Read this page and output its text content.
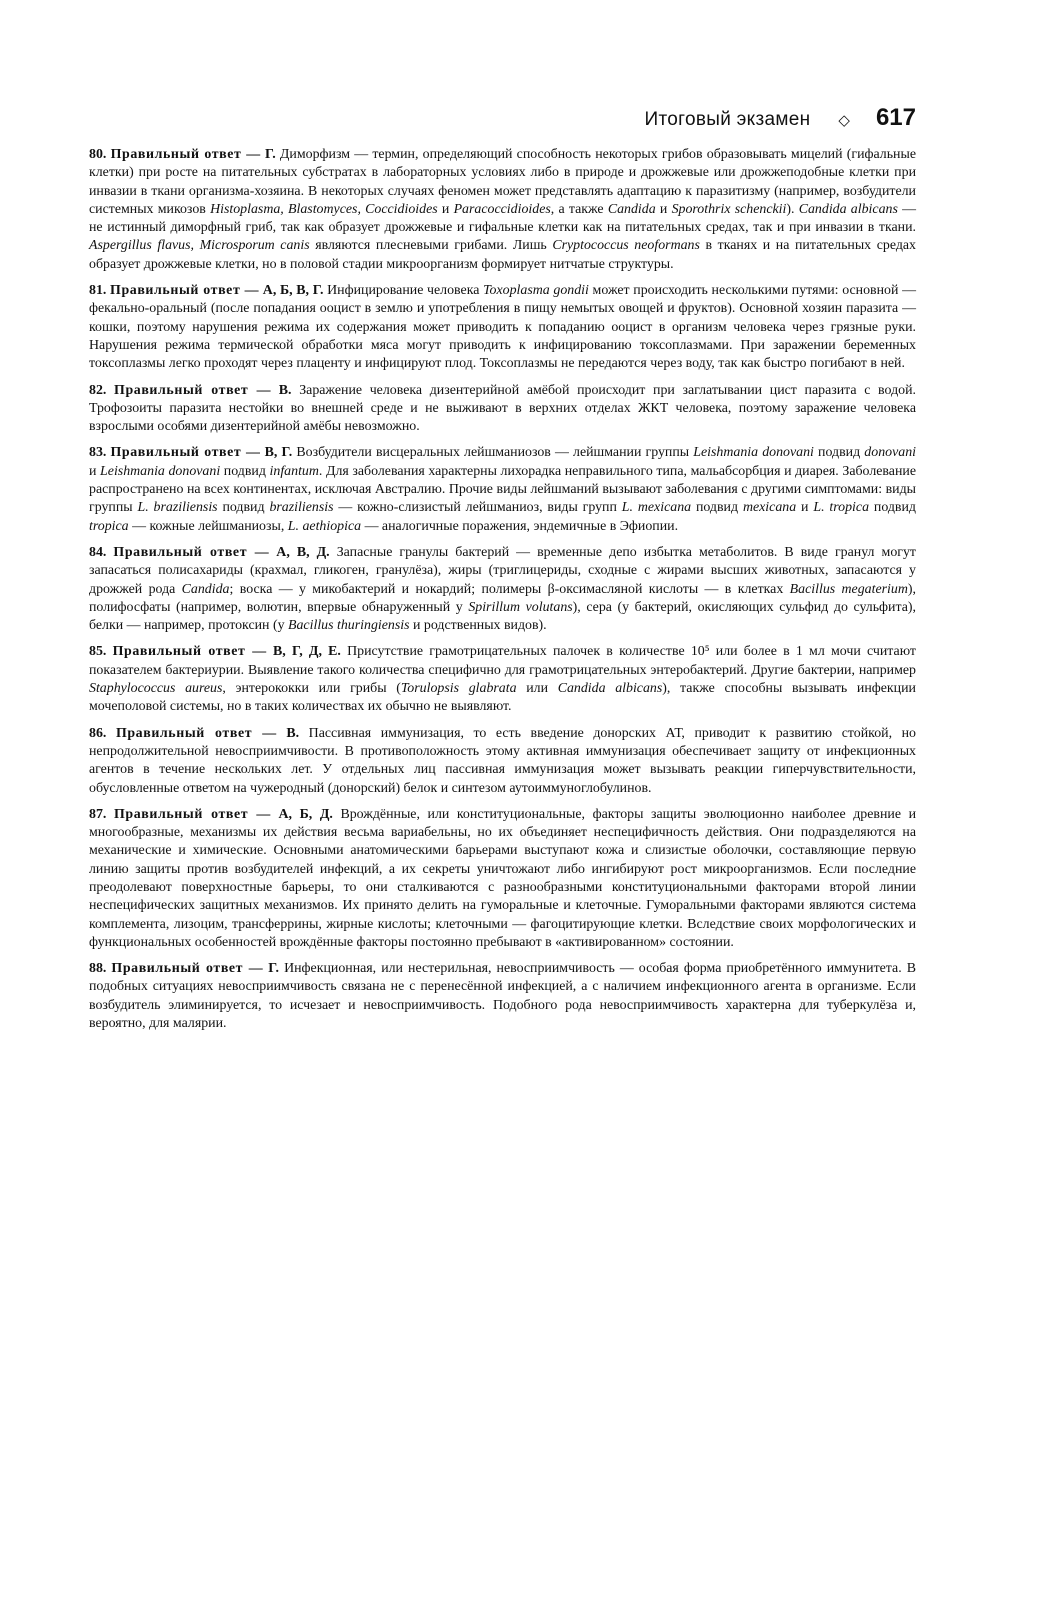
Итоговый экзамен ◇ 617

80. Правильный ответ — Г. Диморфизм — термин, определяющий способность некоторых грибов образовывать мицелий (гифальные клетки) при росте на питательных субстратах в лабораторных условиях либо в природе и дрожжевые или дрожжеподобные клетки при инвазии в ткани организма-хозяина. В некоторых случаях феномен может представлять адаптацию к паразитизму (например, возбудители системных микозов Histoplasma, Blastomyces, Coccidioides и Paracoccidioides, а также Candida и Sporothrix schenckii). Candida albicans — не истинный диморфный гриб, так как образует дрожжевые и гифальные клетки как на питательных средах, так и при инвазии в ткани. Aspergillus flavus, Microsporum canis являются плесневыми грибами. Лишь Cryptococcus neoformans в тканях и на питательных средах образует дрожжевые клетки, но в половой стадии микроорганизм формирует нитчатые структуры.

81. Правильный ответ — А, Б, В, Г. Инфицирование человека Toxoplasma gondii может происходить несколькими путями: основной — фекально-оральный (после попадания ооцист в землю и употребления в пищу немытых овощей и фруктов). Основной хозяин паразита — кошки, поэтому нарушения режима их содержания может приводить к попаданию ооцист в организм человека через грязные руки. Нарушения режима термической обработки мяса могут приводить к инфицированию токсоплазмами. При заражении беременных токсоплазмы легко проходят через плаценту и инфицируют плод. Токсоплазмы не передаются через воду, так как быстро погибают в ней.

82. Правильный ответ — В. Заражение человека дизентерийной амёбой происходит при заглатывании цист паразита с водой. Трофозоиты паразита нестойки во внешней среде и не выживают в верхних отделах ЖКТ человека, поэтому заражение человека взрослыми особями дизентерийной амёбы невозможно.

83. Правильный ответ — В, Г. Возбудители висцеральных лейшманиозов — лейшмании группы Leishmania donovani подвид donovani и Leishmania donovani подвид infantum. Для заболевания характерны лихорадка неправильного типа, мальабсорбция и диарея. Заболевание распространено на всех континентах, исключая Австралию. Прочие виды лейшманий вызывают заболевания с другими симптомами: виды группы L. braziliensis подвид braziliensis — кожно-слизистый лейшманиоз, виды групп L. mexicana подвид mexicana и L. tropica подвид tropica — кожные лейшманиозы, L. aethiopica — аналогичные поражения, эндемичные в Эфиопии.

84. Правильный ответ — А, В, Д. Запасные гранулы бактерий — временные депо избытка метаболитов. В виде гранул могут запасаться полисахариды (крахмал, гликоген, гранулёза), жиры (триглицериды, сходные с жирами высших животных, запасаются у дрожжей рода Candida; воска — у микобактерий и нокардий; полимеры β-оксимасляной кислоты — в клетках Bacillus megaterium), полифосфаты (например, волютин, впервые обнаруженный у Spirillum volutans), сера (у бактерий, окисляющих сульфид до сульфита), белки — например, протоксин (у Bacillus thuringiensis и родственных видов).

85. Правильный ответ — В, Г, Д, Е. Присутствие грамотрицательных палочек в количестве 10⁵ или более в 1 мл мочи считают показателем бактериурии. Выявление такого количества специфично для грамотрицательных энтеробактерий. Другие бактерии, например Staphylococcus aureus, энтерококки или грибы (Torulopsis glabrata или Candida albicans), также способны вызывать инфекции мочеполовой системы, но в таких количествах их обычно не выявляют.

86. Правильный ответ — В. Пассивная иммунизация, то есть введение донорских АТ, приводит к развитию стойкой, но непродолжительной невосприимчивости. В противоположность этому активная иммунизация обеспечивает защиту от инфекционных агентов в течение нескольких лет. У отдельных лиц пассивная иммунизация может вызывать реакции гиперчувствительности, обусловленные ответом на чужеродный (донорский) белок и синтезом аутоиммуноглобулинов.

87. Правильный ответ — А, Б, Д. Врождённые, или конституциональные, факторы защиты эволюционно наиболее древние и многообразные, механизмы их действия весьма вариабельны, но их объединяет неспецифичность действия. Они подразделяются на механические и химические. Основными анатомическими барьерами выступают кожа и слизистые оболочки, составляющие первую линию защиты против возбудителей инфекций, а их секреты уничтожают либо ингибируют рост микроорганизмов. Если последние преодолевают поверхностные барьеры, то они сталкиваются с разнообразными конституциональными факторами второй линии неспецифических защитных механизмов. Их принято делить на гуморальные и клеточные. Гуморальными факторами являются система комплемента, лизоцим, трансферрины, жирные кислоты; клеточными — фагоцитирующие клетки. Вследствие своих морфологических и функциональных особенностей врождённые факторы постоянно пребывают в «активированном» состоянии.

88. Правильный ответ — Г. Инфекционная, или нестерильная, невосприимчивость — особая форма приобретённого иммунитета. В подобных ситуациях невосприимчивость связана не с перенесённой инфекцией, а с наличием инфекционного агента в организме. Если возбудитель элиминируется, то исчезает и невосприимчивость. Подобного рода невосприимчивость характерна для туберкулёза и, вероятно, для малярии.
